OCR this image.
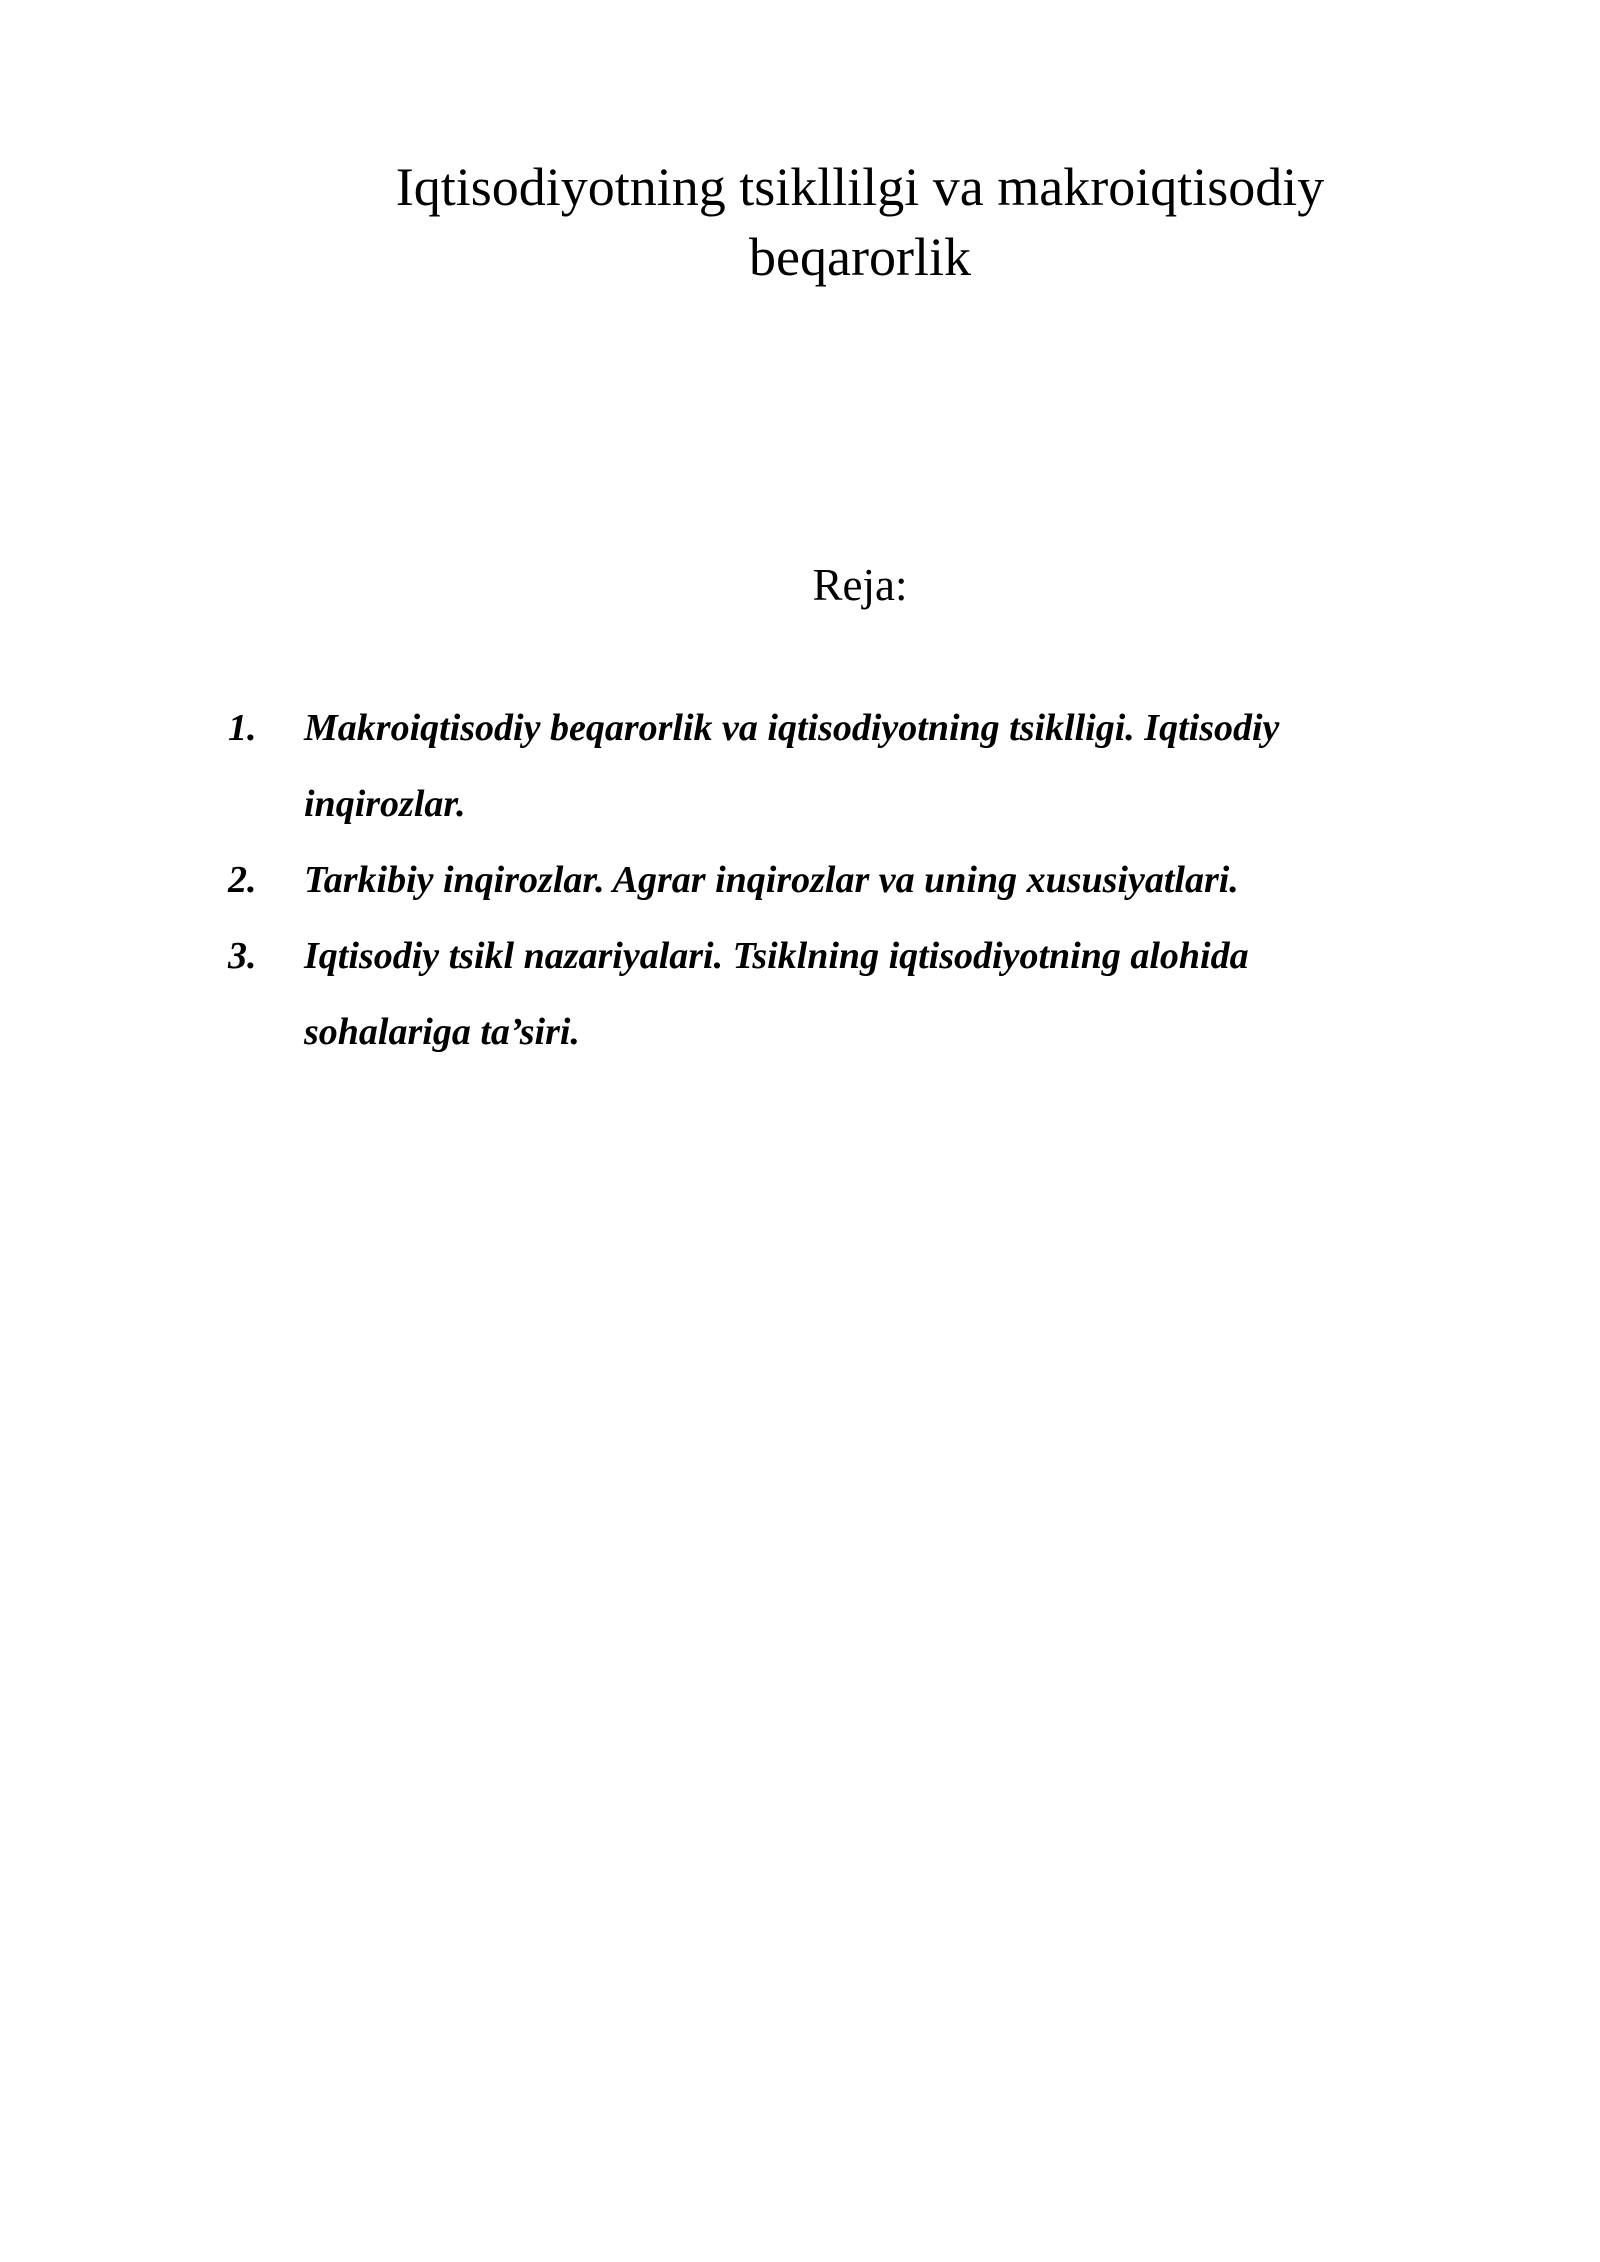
Iqtisodiyotning tsikllilgi va makroiqtisodiy
beqarorlik
Reja:
1. Makroiqtisodiy beqarorlik va iqtisodiyotning tsiklligi. Iqtisodiy
inqirozlar.
2. Tarkibiy inqirozlar. Agrar inqirozlar va uning xususiyatlari.
3. Iqtisodiy tsikl nazariyalari. Tsiklning iqtisodiyotning alohida
sohalariga ta’siri.
